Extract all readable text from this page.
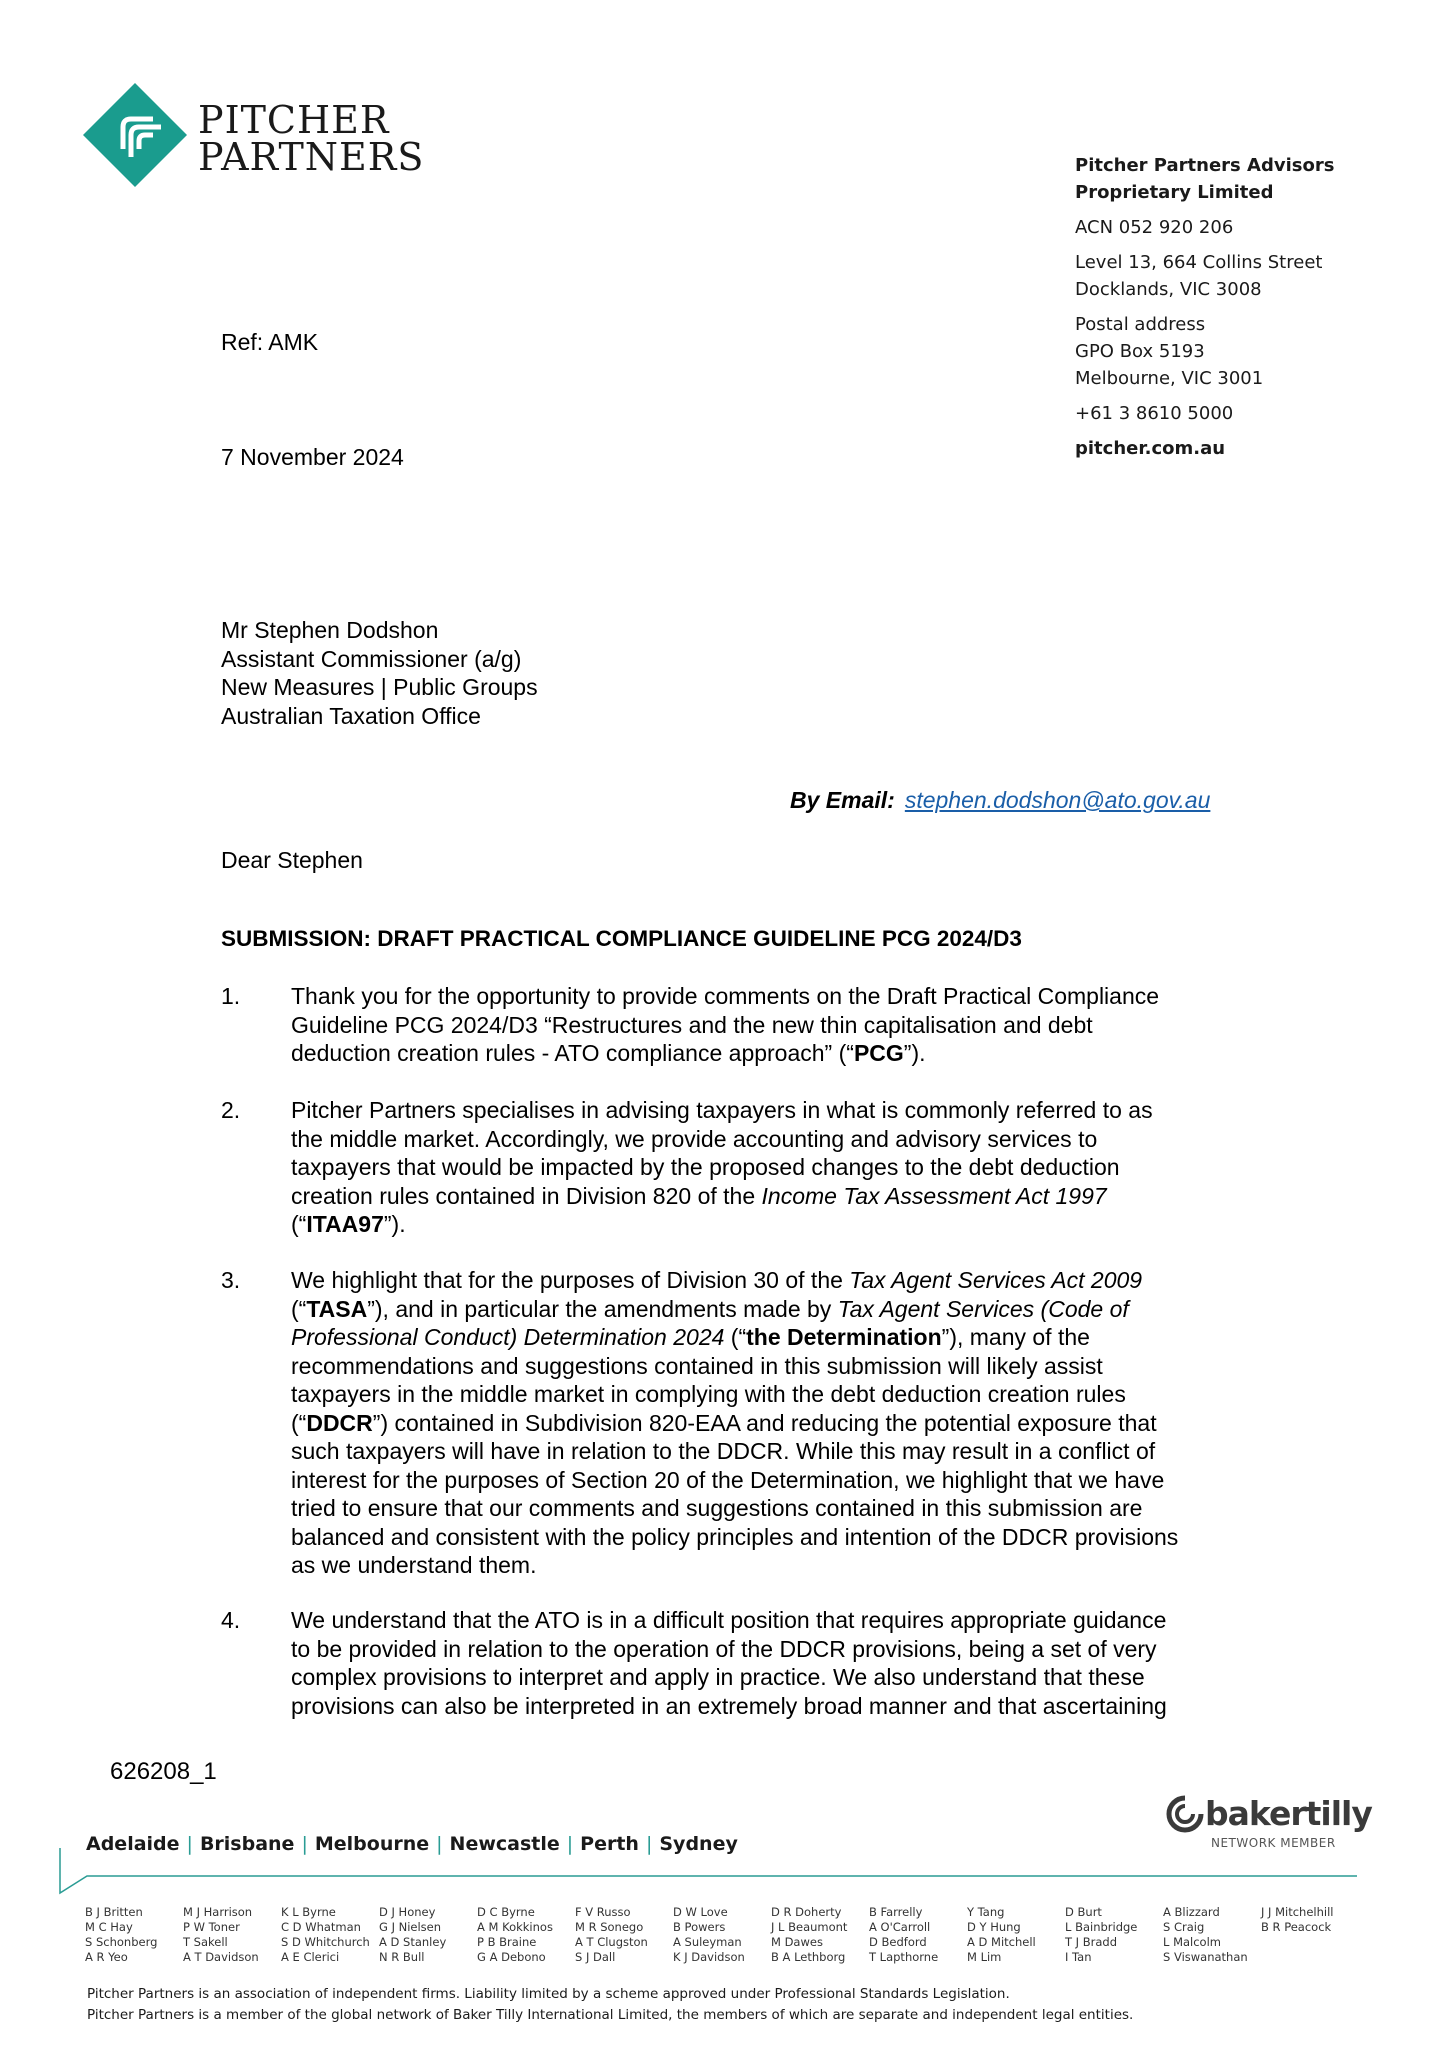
PITCHER
PARTNERS	Pitcher Partners Advisors
Proprietary Limited
ACN 052 920 206
Level 13, 664 Collins Street
Docklands, VIC 3008
Postal address
GPO Box 5193
Melbourne, VIC 3001
+61 3 8610 5000
pitcher.com.au
Ref: AMK
7 November 2024
Mr Stephen Dodshon
Assistant Commissioner (a/g)
New Measures | Public Groups
Australian Taxation Office
By Email: stephen.dodshon@ato.gov.au
Dear Stephen
SUBMISSION: DRAFT PRACTICAL COMPLIANCE GUIDELINE PCG 2024/D3
1. Thank you for the opportunity to provide comments on the Draft Practical Compliance
Guideline PCG 2024/D3 “Restructures and the new thin capitalisation and debt
deduction creation rules - ATO compliance approach” (“PCG”).
2. Pitcher Partners specialises in advising taxpayers in what is commonly referred to as
the middle market. Accordingly, we provide accounting and advisory services to
taxpayers that would be impacted by the proposed changes to the debt deduction
creation rules contained in Division 820 of the Income Tax Assessment Act 1997
(“ITAA97”).
3. We highlight that for the purposes of Division 30 of the Tax Agent Services Act 2009
(“TASA”), and in particular the amendments made by Tax Agent Services (Code of
Professional Conduct) Determination 2024 (“the Determination”), many of the
recommendations and suggestions contained in this submission will likely assist
taxpayers in the middle market in complying with the debt deduction creation rules
(“DDCR”) contained in Subdivision 820-EAA and reducing the potential exposure that
such taxpayers will have in relation to the DDCR. While this may result in a conflict of
interest for the purposes of Section 20 of the Determination, we highlight that we have
tried to ensure that our comments and suggestions contained in this submission are
balanced and consistent with the policy principles and intention of the DDCR provisions
as we understand them.
4. We understand that the ATO is in a difficult position that requires appropriate guidance
to be provided in relation to the operation of the DDCR provisions, being a set of very
complex provisions to interpret and apply in practice. We also understand that these
provisions can also be interpreted in an extremely broad manner and that ascertaining
626208_1
bakertilly
NETWORK MEMBER
Adelaide | Brisbane | Melbourne | Newcastle | Perth | Sydney
B J Britten
M C Hay
S Schonberg
A R Yeo
M J Harrison
P W Toner
T Sakell
A T Davidson
K L Byrne
C D Whatman
S D Whitchurch
A E Clerici
D J Honey
G J Nielsen
A D Stanley
N R Bull
D C Byrne
A M Kokkinos
P B Braine
G A Debono
F V Russo
M R Sonego
A T Clugston
S J Dall
D W Love
B Powers
A Suleyman
K J Davidson
D R Doherty
J L Beaumont
M Dawes
B A Lethborg
B Farrelly
A O'Carroll
D Bedford
T Lapthorne
Y Tang
D Y Hung
A D Mitchell
M Lim
D Burt
L Bainbridge
T J Bradd
I Tan
A Blizzard
S Craig
L Malcolm
S Viswanathan
J J Mitchelhill
B R Peacock
Pitcher Partners is an association of independent firms. Liability limited by a scheme approved under Professional Standards Legislation.
Pitcher Partners is a member of the global network of Baker Tilly International Limited, the members of which are separate and independent legal entities.
